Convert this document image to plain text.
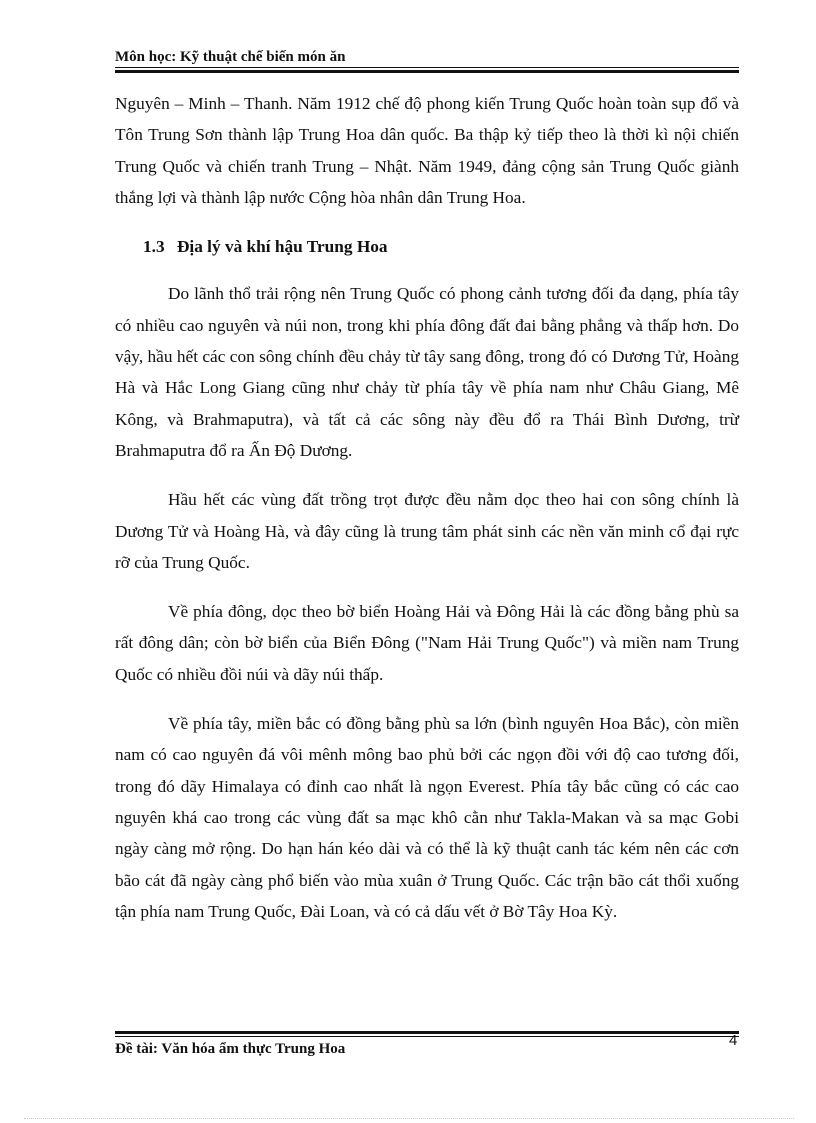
Môn học: Kỹ thuật chế biến món ăn

Nguyên – Minh – Thanh. Năm 1912 chế độ phong kiến Trung Quốc hoàn toàn sụp đổ và Tôn Trung Sơn thành lập Trung Hoa dân quốc. Ba thập kỷ tiếp theo là thời kì nội chiến Trung Quốc và chiến tranh Trung – Nhật. Năm 1949, đảng cộng sản Trung Quốc giành thắng lợi và thành lập nước Cộng hòa nhân dân Trung Hoa.

1.3 Địa lý và khí hậu Trung Hoa

Do lãnh thổ trải rộng nên Trung Quốc có phong cảnh tương đối đa dạng, phía tây có nhiều cao nguyên và núi non, trong khi phía đông đất đai bằng phẳng và thấp hơn. Do vậy, hầu hết các con sông chính đều chảy từ tây sang đông, trong đó có Dương Tử, Hoàng Hà và Hắc Long Giang cũng như chảy từ phía tây về phía nam như Châu Giang, Mê Kông, và Brahmaputra), và tất cả các sông này đều đổ ra Thái Bình Dương, trừ Brahmaputra đổ ra Ấn Độ Dương.

Hầu hết các vùng đất trồng trọt được đều nằm dọc theo hai con sông chính là Dương Tử và Hoàng Hà, và đây cũng là trung tâm phát sinh các nền văn minh cổ đại rực rỡ của Trung Quốc.

Về phía đông, dọc theo bờ biển Hoàng Hải và Đông Hải là các đồng bằng phù sa rất đông dân; còn bờ biển của Biển Đông ("Nam Hải Trung Quốc") và miền nam Trung Quốc có nhiều đồi núi và dãy núi thấp.

Về phía tây, miền bắc có đồng bằng phù sa lớn (bình nguyên Hoa Bắc), còn miền nam có cao nguyên đá vôi mênh mông bao phủ bởi các ngọn đồi với độ cao tương đối, trong đó dãy Himalaya có đỉnh cao nhất là ngọn Everest. Phía tây bắc cũng có các cao nguyên khá cao trong các vùng đất sa mạc khô cằn như Takla-Makan và sa mạc Gobi ngày càng mở rộng. Do hạn hán kéo dài và có thể là kỹ thuật canh tác kém nên các cơn bão cát đã ngày càng phổ biến vào mùa xuân ở Trung Quốc. Các trận bão cát thổi xuống tận phía nam Trung Quốc, Đài Loan, và có cả dấu vết ở Bờ Tây Hoa Kỳ.

4
Đề tài: Văn hóa ẩm thực Trung Hoa
